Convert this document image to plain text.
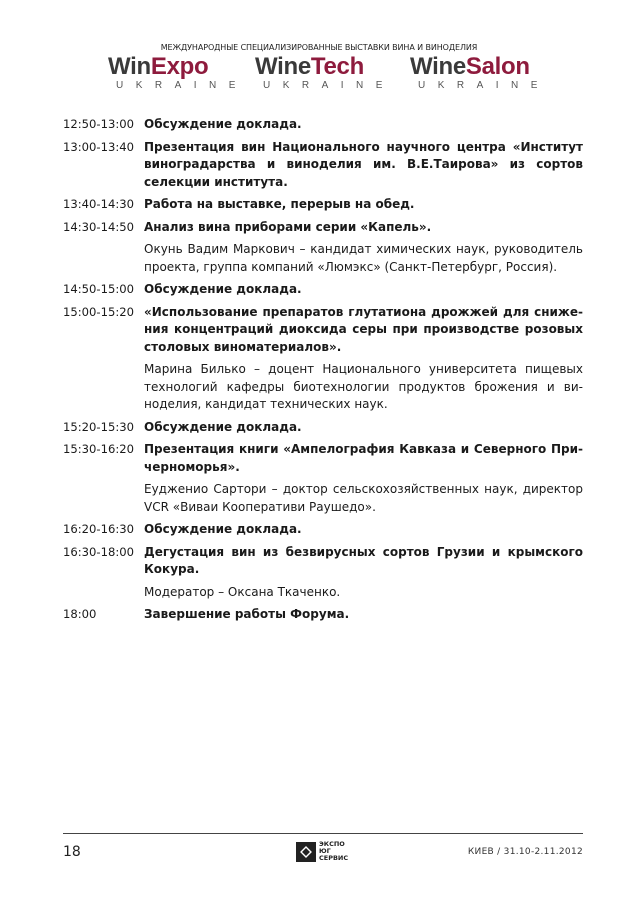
МЕЖДУНАРОДНЫЕ СПЕЦИАЛИЗИРОВАННЫЕ ВЫСТАВКИ ВИНА И ВИНОДЕЛИЯ
WinExpo
UKRAINE
WineTech
UKRAINE
WineSalon
UKRAINE
12:50-13:00 Обсуждение доклада.
13:00-13:40 Презентация вин Национального научного центра «Институт виноградарства и виноделия им. В.Е.Таирова» из сортов селекции института.
13:40-14:30 Работа на выставке, перерыв на обед.
14:30-14:50 Анализ вина приборами серии «Капель».
Окунь Вадим Маркович – кандидат химических наук, руководитель проекта, группа компаний «Люмэкс» (Санкт-Петербург, Россия).
14:50-15:00 Обсуждение доклада.
15:00-15:20 «Использование препаратов глутатиона дрожжей для снижения концентраций диоксида серы при производстве розовых столовых виноматериалов».
Марина Билько – доцент Национального университета пищевых технологий кафедры биотехнологии продуктов брожения и виноделия, кандидат технических наук.
15:20-15:30 Обсуждение доклада.
15:30-16:20 Презентация книги «Ампелография Кавказа и Северного Причерноморья».
Еудженио Сартори – доктор сельскохозяйственных наук, директор VCR «Виваи Кооперативи Раушедо».
16:20-16:30 Обсуждение доклада.
16:30-18:00 Дегустация вин из безвирусных сортов Грузии и крымского Кокура.
Модератор – Оксана Ткаченко.
18:00	Завершение работы Форума.
18	ЭКСПО
ЮГ
СЕРВИС
КИЕВ / 31.10-2.11.2012
